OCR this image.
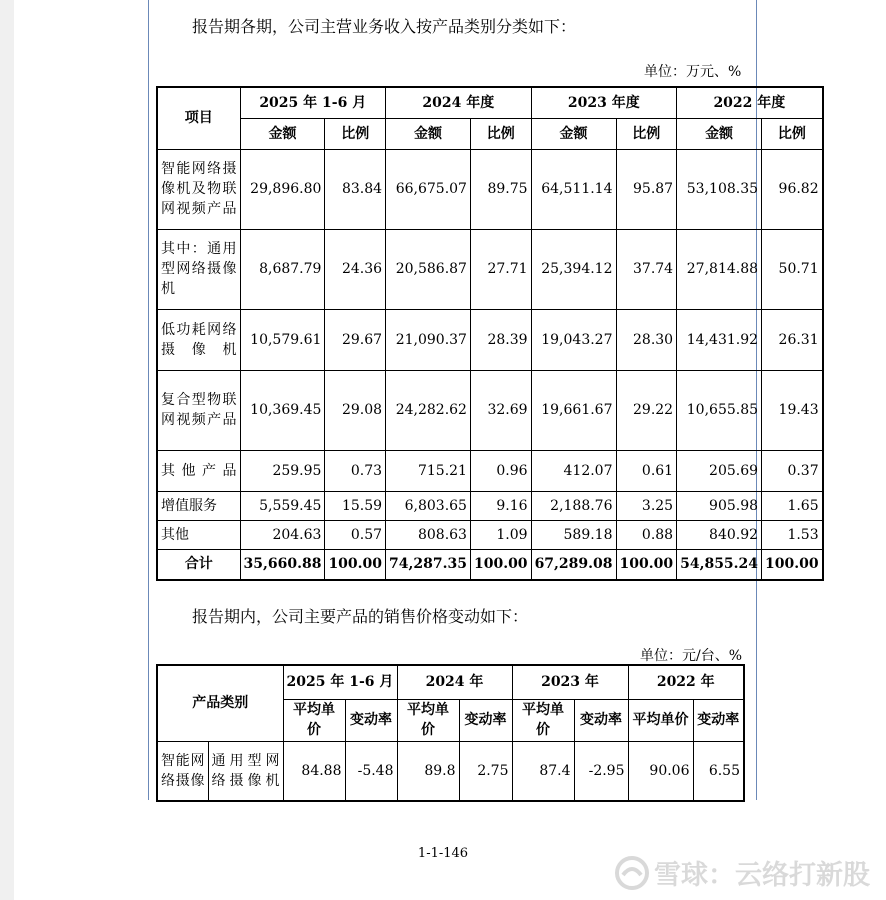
报告期各期，公司主营业务收入按产品类别分类如下：
单位：万元、%
项目	2025 年 1-6 月		2024 年度		2023 年度		2022 年度	
	金额	比例	金额	比例	金额	比例	金额	比例
智能网络摄像机及物联网视频产品	29,896.80	83.84	66,675.07	89.75	64,511.14	95.87	53,108.35	96.82
其中：通用型网络摄像机	8,687.79	24.36	20,586.87	27.71	25,394.12	37.74	27,814.88	50.71
低功耗网络摄像机	10,579.61	29.67	21,090.37	28.39	19,043.27	28.30	14,431.92	26.31
复合型物联网视频产品	10,369.45	29.08	24,282.62	32.69	19,661.67	29.22	10,655.85	19.43
其他产品	259.95	0.73	715.21	0.96	412.07	0.61	205.69	0.37
增值服务	5,559.45	15.59	6,803.65	9.16	2,188.76	3.25	905.98	1.65
其他	204.63	0.57	808.63	1.09	589.18	0.88	840.92	1.53
合计	35,660.88	100.00	74,287.35	100.00	67,289.08	100.00	54,855.24	100.00
报告期内，公司主要产品的销售价格变动如下：
单位：元/台、%
产品类别		2025 年 1-6 月		2024 年		2023 年		2022 年	
		平均单价	变动率	平均单价	变动率	平均单价	变动率	平均单价	变动率
智能网络摄像	通用型网络摄像机	84.88	-5.48	89.8	2.75	87.4	-2.95	90.06	6.55
1-1-146
雪球：云络打新股
